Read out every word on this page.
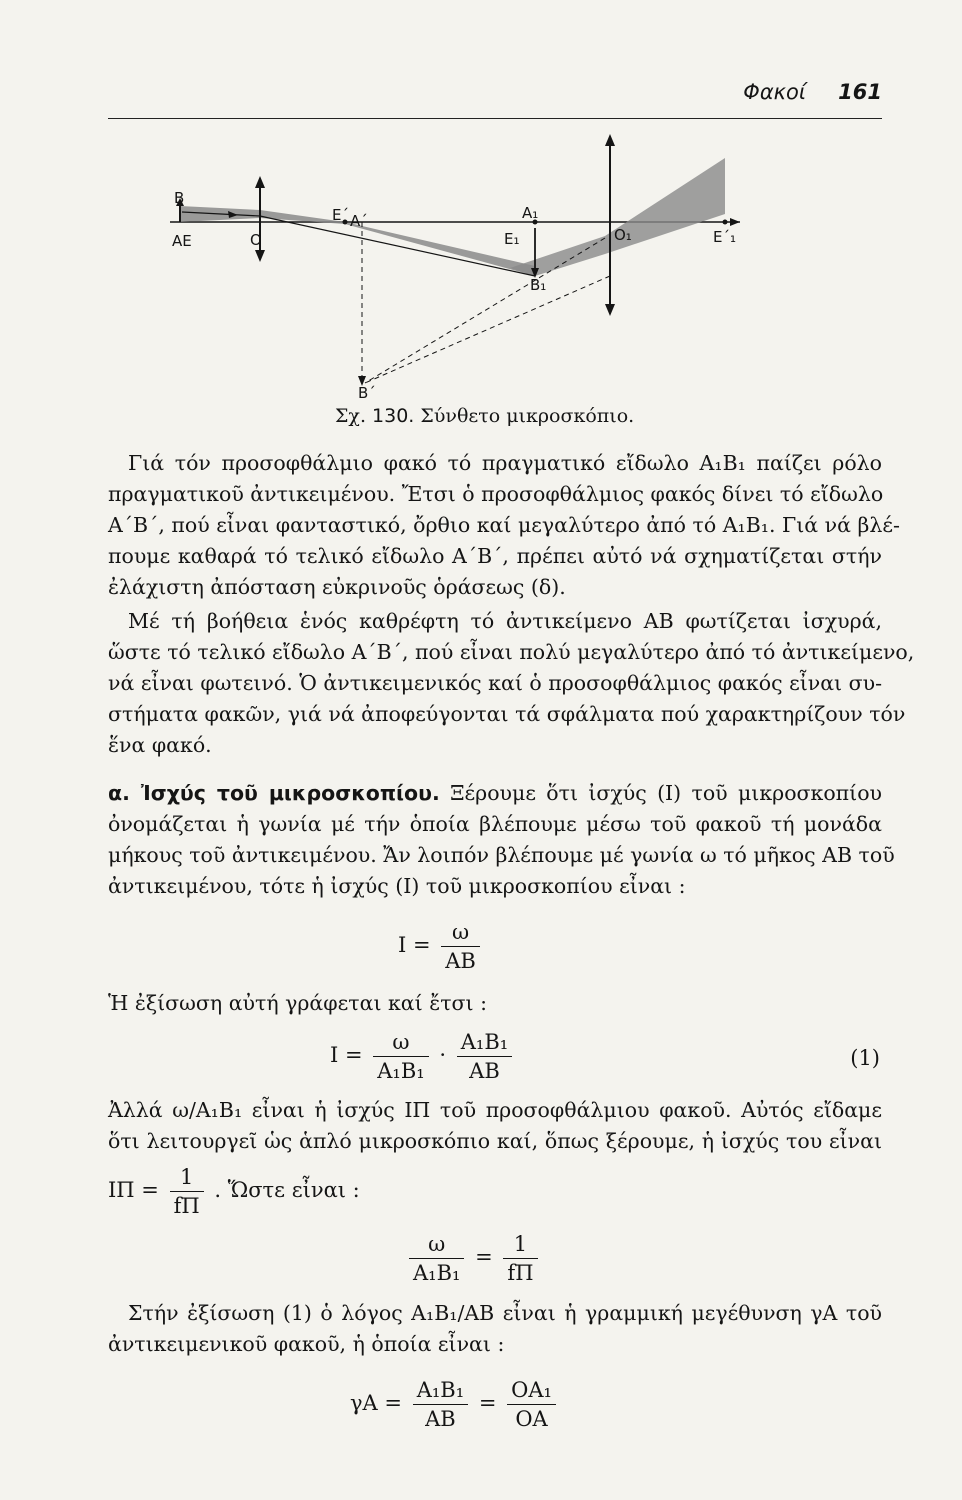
Φακοί 161
B
AE	O
E΄ A΄	A₁
E₁
B₁
O₁	E΄₁
B΄
Σχ. 130. Σύνθετο μικροσκόπιο.
Γιά τόν προσοφθάλμιο φακό τό πραγματικό εἴδωλο A₁B₁ παίζει ρόλο
πραγματικοῦ ἀντικειμένου. Ἔτσι ὁ προσοφθάλμιος φακός δίνει τό εἴδωλο
A΄B΄, πού εἶναι φανταστικό, ὄρθιο καί μεγαλύτερο ἀπό τό A₁B₁. Γιά νά βλέ-
πουμε καθαρά τό τελικό εἴδωλο A΄B΄, πρέπει αὐτό νά σχηματίζεται στήν
ἐλάχιστη ἀπόσταση εὐκρινοῦς ὁράσεως (δ).
Μέ τή βοήθεια ἑνός καθρέφτη τό ἀντικείμενο AB φωτίζεται ἰσχυρά,
ὥστε τό τελικό εἴδωλο A΄B΄, πού εἶναι πολύ μεγαλύτερο ἀπό τό ἀντικείμενο,
νά εἶναι φωτεινό. Ὁ ἀντικειμενικός καί ὁ προσοφθάλμιος φακός εἶναι συ-
στήματα φακῶν, γιά νά ἀποφεύγονται τά σφάλματα πού χαρακτηρίζουν τόν
ἕνα φακό.
α. Ἰσχύς τοῦ μικροσκοπίου. Ξέρουμε ὅτι ἰσχύς (I) τοῦ μικροσκοπίου
ὀνομάζεται ἡ γωνία μέ τήν ὁποία βλέπουμε μέσω τοῦ φακοῦ τή μονάδα
μήκους τοῦ ἀντικειμένου. Ἄν λοιπόν βλέπουμε μέ γωνία ω τό μῆκος AB τοῦ
ἀντικειμένου, τότε ἡ ἰσχύς (I) τοῦ μικροσκοπίου εἶναι :
$I = \frac{\omega}{AB}$
Ἡ ἐξίσωση αὐτή γράφεται καί ἔτσι :
$I = \frac{\omega}{\text{A₁B₁}} \cdot \frac{\text{A₁B₁}}{AB}$	(1)
Ἀλλά ω/A₁B₁ εἶναι ἡ ἰσχύς IΠ τοῦ προσοφθάλμιου φακοῦ. Αὐτός εἴδαμε
ὅτι λειτουργεῖ ὡς ἁπλό μικροσκόπιο καί, ὅπως ξέρουμε, ἡ ἰσχύς του εἶναι
$I\Pi = \frac{1}{f\Pi}$ . Ὥστε εἶναι :
$\frac{\omega}{\text{A₁B₁}} = \frac{1}{f\Pi}$
Στήν ἐξίσωση (1) ὁ λόγος A₁B₁/AB εἶναι ἡ γραμμική μεγέθυνση γΑ τοῦ
ἀντικειμενικοῦ φακοῦ, ἡ ὁποία εἶναι :
$\gamma A = \frac{\text{A₁B₁}}{AB} = \frac{\text{OA₁}}{OA}$
